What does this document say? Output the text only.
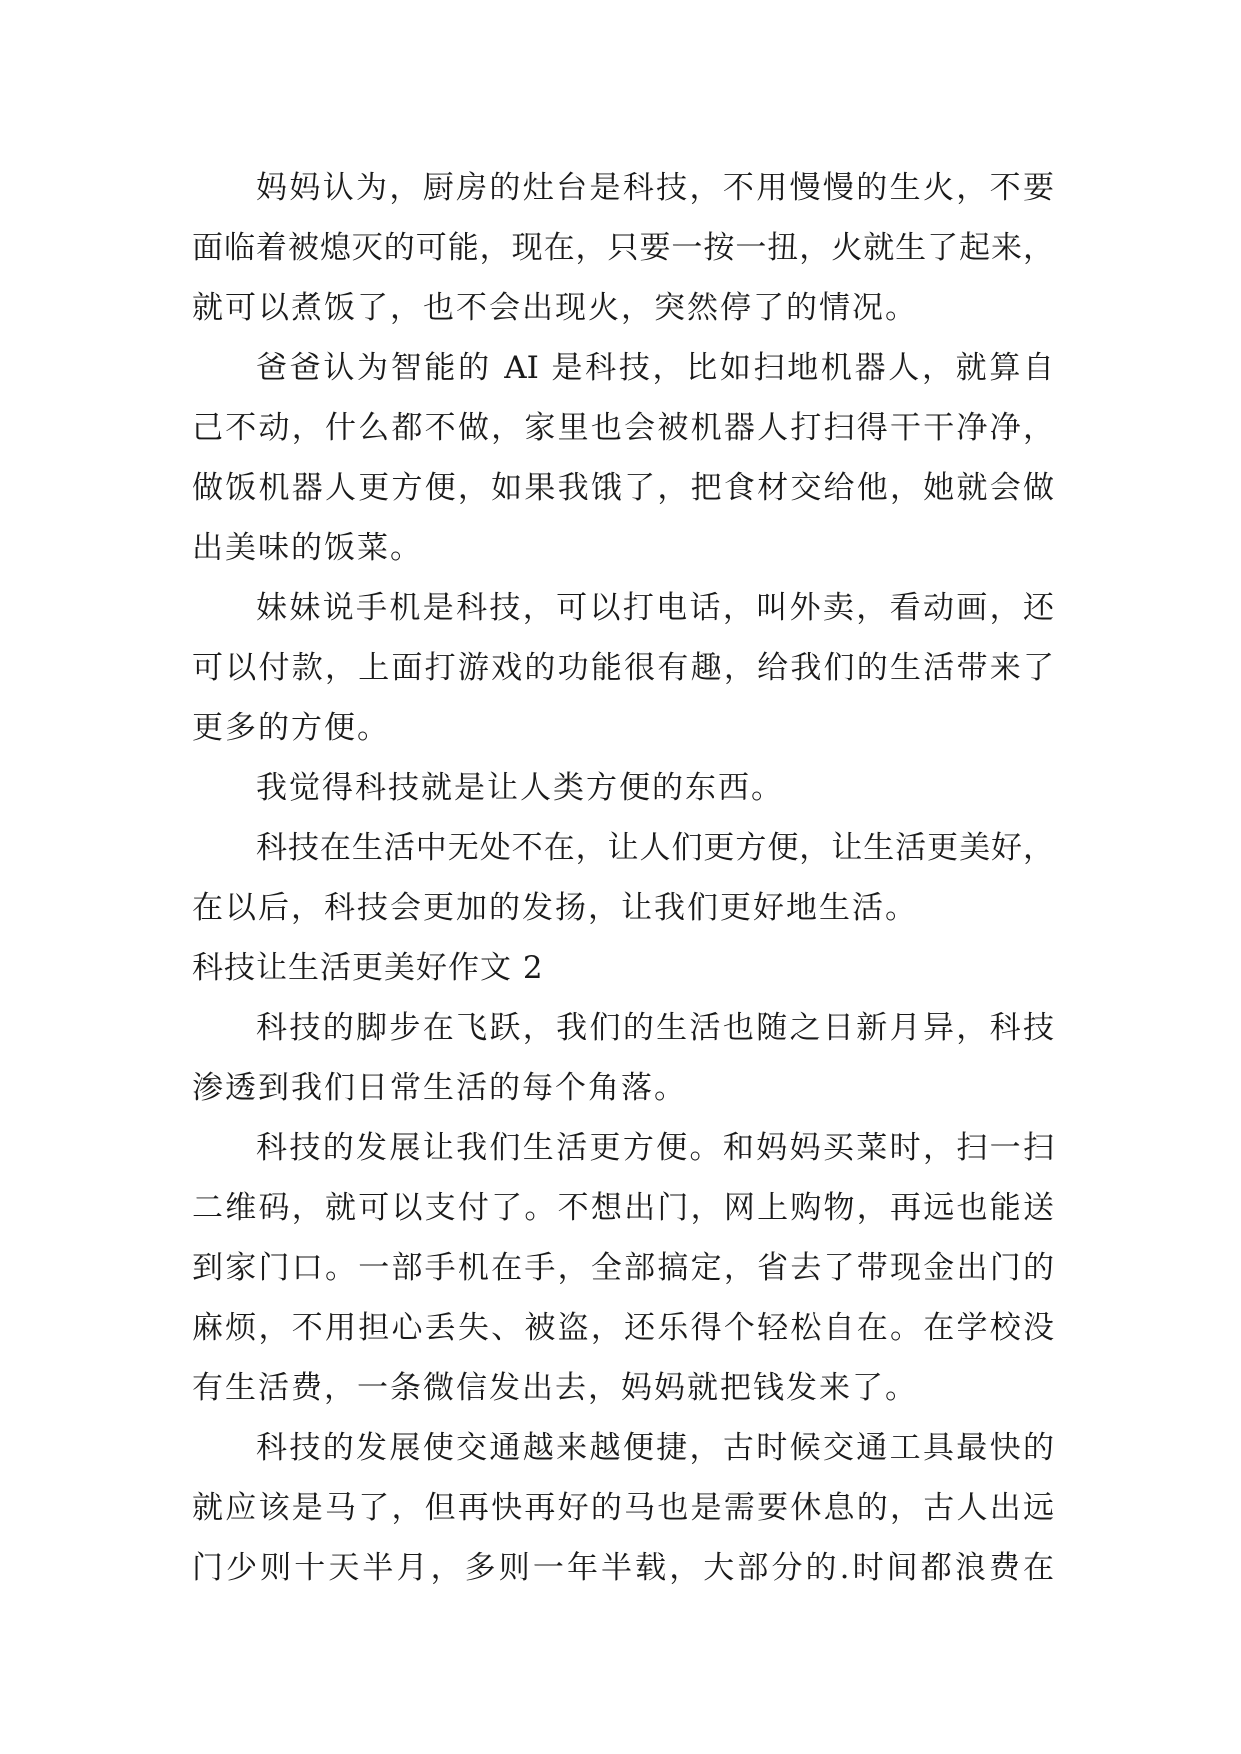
妈妈认为，厨房的灶台是科技，不用慢慢的生火，不要
面临着被熄灭的可能，现在，只要一按一扭，火就生了起来，
就可以煮饭了，也不会出现火，突然停了的情况。
爸爸认为智能的 AI 是科技，比如扫地机器人，就算自
己不动，什么都不做，家里也会被机器人打扫得干干净净，
做饭机器人更方便，如果我饿了，把食材交给他，她就会做
出美味的饭菜。
妹妹说手机是科技，可以打电话，叫外卖，看动画，还
可以付款，上面打游戏的功能很有趣，给我们的生活带来了
更多的方便。
我觉得科技就是让人类方便的东西。
科技在生活中无处不在，让人们更方便，让生活更美好，
在以后，科技会更加的发扬，让我们更好地生活。
科技让生活更美好作文 2
科技的脚步在飞跃，我们的生活也随之日新月异，科技
渗透到我们日常生活的每个角落。
科技的发展让我们生活更方便。和妈妈买菜时，扫一扫
二维码，就可以支付了。不想出门，网上购物，再远也能送
到家门口。一部手机在手，全部搞定，省去了带现金出门的
麻烦，不用担心丢失、被盗，还乐得个轻松自在。在学校没
有生活费，一条微信发出去，妈妈就把钱发来了。
科技的发展使交通越来越便捷，古时候交通工具最快的
就应该是马了，但再快再好的马也是需要休息的，古人出远
门少则十天半月，多则一年半载，大部分的.时间都浪费在
